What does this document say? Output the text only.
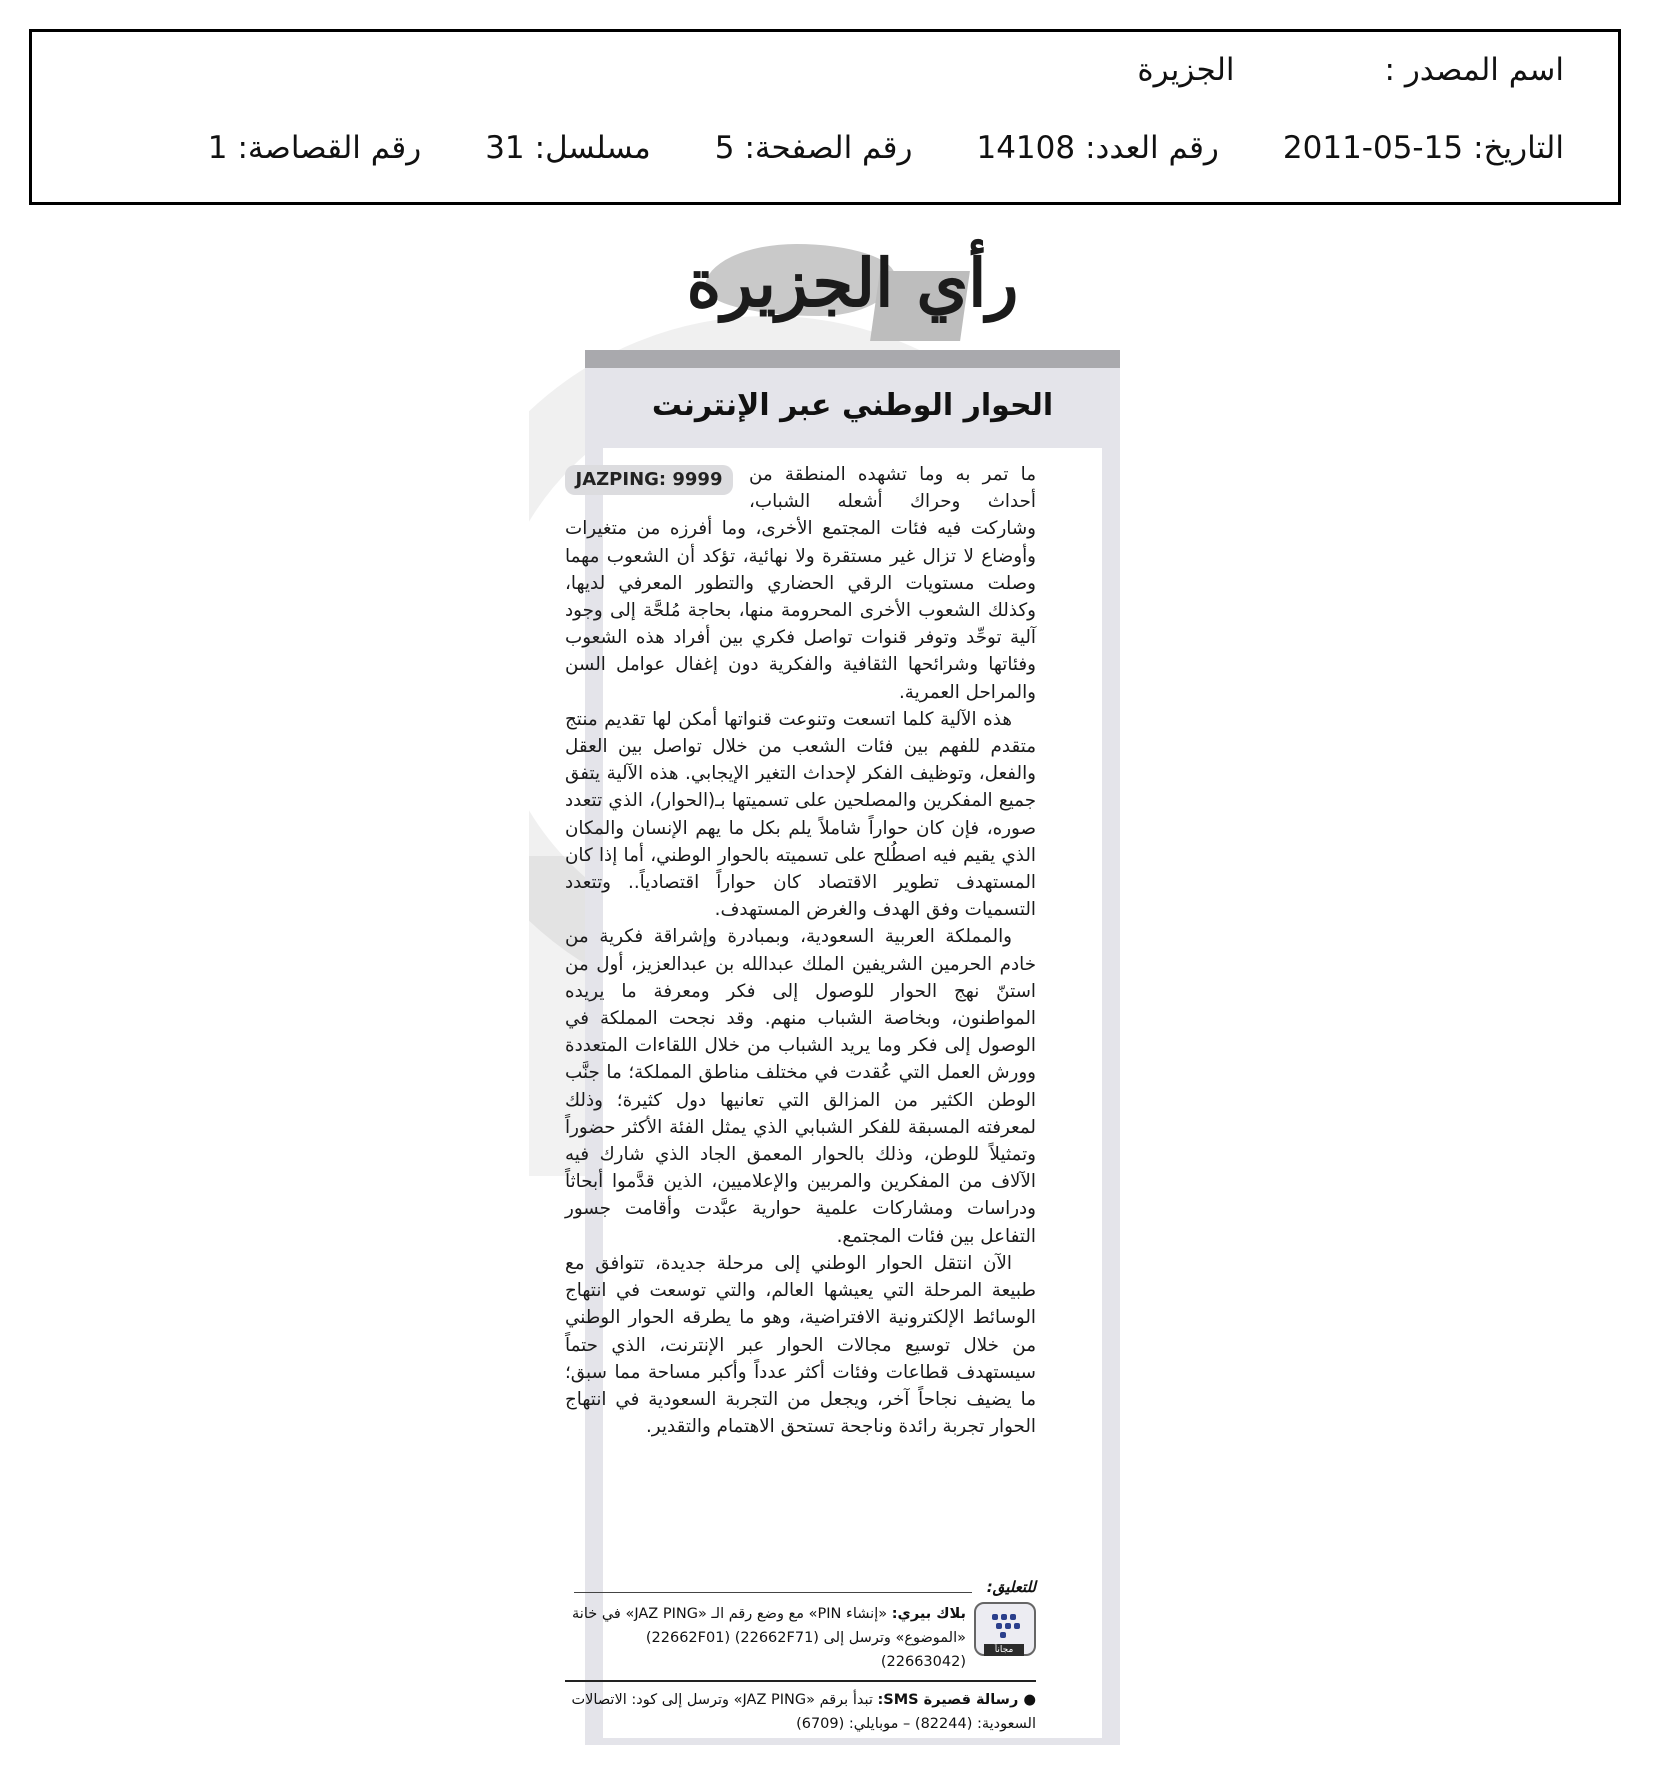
اسم المصدر :
الجزيرة
التاريخ:
2011-05-15
رقم العدد:
14108
رقم الصفحة:
5
مسلسل:
31
رقم القصاصة:
1
رأي الجزيرة
الحوار الوطني عبر الإنترنت
JAZPING: 9999	ما تمر به وما تشهده المنطقة من أحداث وحراك أشعله الشباب، وشاركت فيه فئات المجتمع الأخرى، وما أفرزه من متغيرات وأوضاع لا تزال غير مستقرة ولا نهائية، تؤكد أن الشعوب مهما وصلت مستويات الرقي الحضاري والتطور المعرفي لديها، وكذلك الشعوب الأخرى المحرومة منها، بحاجة مُلحَّة إلى وجود آلية توحِّد وتوفر قنوات تواصل فكري بين أفراد هذه الشعوب وفئاتها وشرائحها الثقافية والفكرية دون إغفال عوامل السن والمراحل العمرية.

هذه الآلية كلما اتسعت وتنوعت قنواتها أمكن لها تقديم منتج متقدم للفهم بين فئات الشعب من خلال تواصل بين العقل والفعل، وتوظيف الفكر لإحداث التغير الإيجابي. هذه الآلية يتفق جميع المفكرين والمصلحين على تسميتها بـ(الحوار)، الذي تتعدد صوره، فإن كان حواراً شاملاً يلم بكل ما يهم الإنسان والمكان الذي يقيم فيه اصطُلح على تسميته بالحوار الوطني، أما إذا كان المستهدف تطوير الاقتصاد كان حواراً اقتصادياً.. وتتعدد التسميات وفق الهدف والغرض المستهدف.

والمملكة العربية السعودية، وبمبادرة وإشراقة فكرية من خادم الحرمين الشريفين الملك عبدالله بن عبدالعزيز، أول من استنّ نهج الحوار للوصول إلى فكر ومعرفة ما يريده المواطنون، وبخاصة الشباب منهم. وقد نجحت المملكة في الوصول إلى فكر وما يريد الشباب من خلال اللقاءات المتعددة وورش العمل التي عُقدت في مختلف مناطق المملكة؛ ما جنَّب الوطن الكثير من المزالق التي تعانيها دول كثيرة؛ وذلك لمعرفته المسبقة للفكر الشبابي الذي يمثل الفئة الأكثر حضوراً وتمثيلاً للوطن، وذلك بالحوار المعمق الجاد الذي شارك فيه الآلاف من المفكرين والمربين والإعلاميين، الذين قدَّموا أبحاثاً ودراسات ومشاركات علمية حوارية عبَّدت وأقامت جسور التفاعل بين فئات المجتمع.

الآن انتقل الحوار الوطني إلى مرحلة جديدة، تتوافق مع طبيعة المرحلة التي يعيشها العالم، والتي توسعت في انتهاج الوسائط الإلكترونية الافتراضية، وهو ما يطرقه الحوار الوطني من خلال توسيع مجالات الحوار عبر الإنترنت، الذي حتماً سيستهدف قطاعات وفئات أكثر عدداً وأكبر مساحة مما سبق؛ ما يضيف نجاحاً آخر، ويجعل من التجربة السعودية في انتهاج الحوار تجربة رائدة وناجحة تستحق الاهتمام والتقدير.

للتعليق:
مجاناً
بلاك بيري: «إنشاء PIN» مع وضع رقم الـ «JAZ PING» في خانة «الموضوع» وترسل إلى (22662F71) (22662F01) (22663042)
● رسالة قصيرة SMS: تبدأ برقم «JAZ PING» وترسل إلى كود: الاتصالات السعودية: (82244) – موبايلي: (6709)
